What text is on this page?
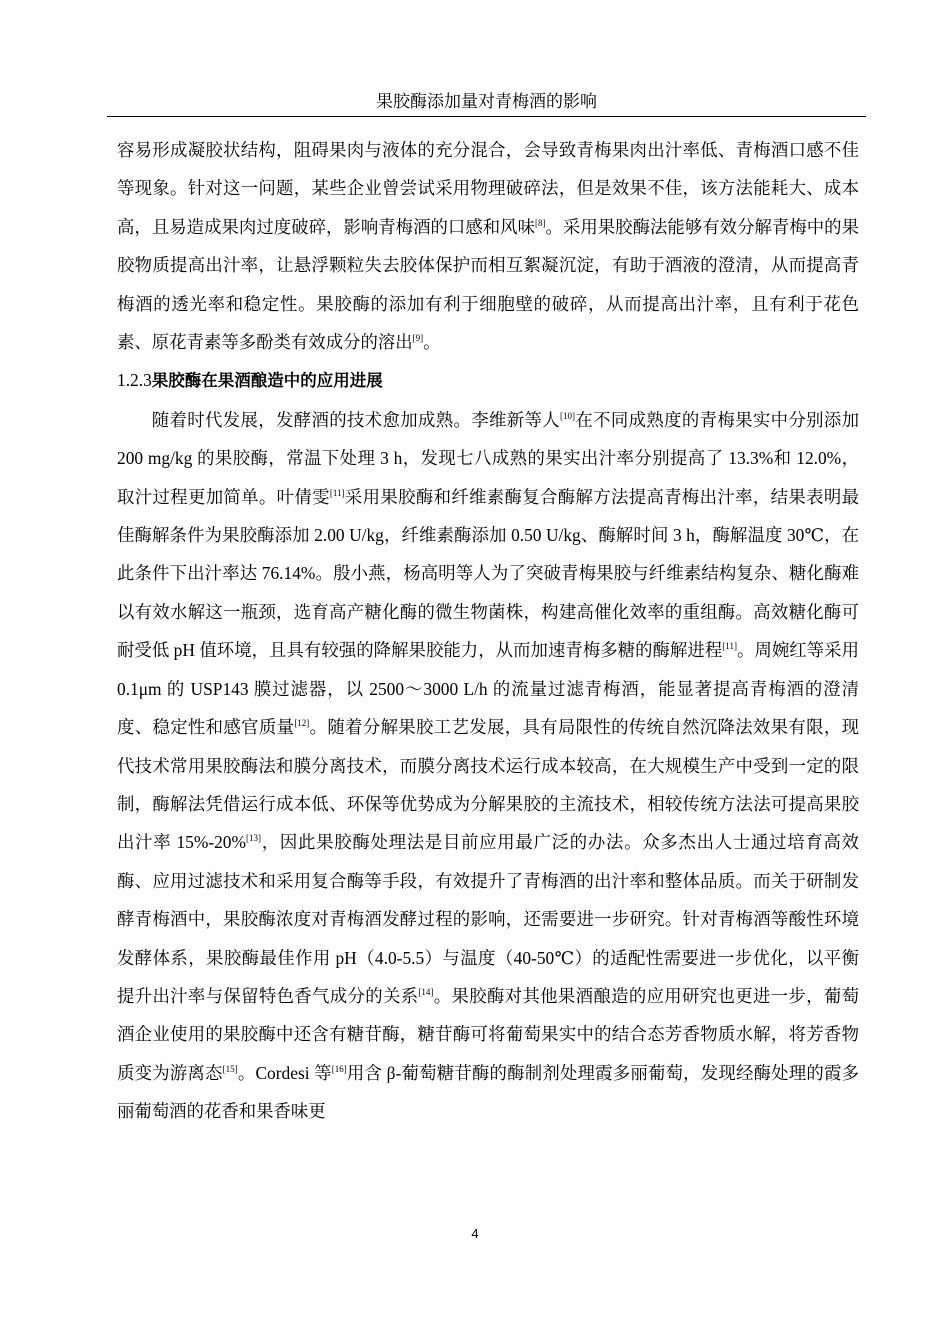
果胶酶添加量对青梅酒的影响

容易形成凝胶状结构，阻碍果肉与液体的充分混合，会导致青梅果肉出汁率低、青梅酒口感不佳等现象。针对这一问题，某些企业曾尝试采用物理破碎法，但是效果不佳，该方法能耗大、成本高，且易造成果肉过度破碎，影响青梅酒的口感和风味[8]。采用果胶酶法能够有效分解青梅中的果胶物质提高出汁率，让悬浮颗粒失去胶体保护而相互絮凝沉淀，有助于酒液的澄清，从而提高青梅酒的透光率和稳定性。果胶酶的添加有利于细胞壁的破碎，从而提高出汁率，且有利于花色素、原花青素等多酚类有效成分的溶出[9]。

1.2.3果胶酶在果酒酿造中的应用进展

随着时代发展，发酵酒的技术愈加成熟。李维新等人[10]在不同成熟度的青梅果实中分别添加 200 mg/kg 的果胶酶，常温下处理 3 h，发现七八成熟的果实出汁率分别提高了 13.3%和 12.0%，取汁过程更加简单。叶倩雯[11]采用果胶酶和纤维素酶复合酶解方法提高青梅出汁率，结果表明最佳酶解条件为果胶酶添加 2.00 U/kg，纤维素酶添加 0.50 U/kg、酶解时间 3 h，酶解温度 30℃，在此条件下出汁率达 76.14%。殷小燕，杨高明等人为了突破青梅果胶与纤维素结构复杂、糖化酶难以有效水解这一瓶颈，选育高产糖化酶的微生物菌株，构建高催化效率的重组酶。高效糖化酶可耐受低 pH 值环境，且具有较强的降解果胶能力，从而加速青梅多糖的酶解进程[11]。周婉红等采用 0.1μm 的 USP143 膜过滤器，以 2500～3000 L/h 的流量过滤青梅酒，能显著提高青梅酒的澄清度、稳定性和感官质量[12]。随着分解果胶工艺发展，具有局限性的传统自然沉降法效果有限，现代技术常用果胶酶法和膜分离技术，而膜分离技术运行成本较高，在大规模生产中受到一定的限制，酶解法凭借运行成本低、环保等优势成为分解果胶的主流技术，相较传统方法法可提高果胶出汁率 15%-20%[13]，因此果胶酶处理法是目前应用最广泛的办法。众多杰出人士通过培育高效酶、应用过滤技术和采用复合酶等手段，有效提升了青梅酒的出汁率和整体品质。而关于研制发酵青梅酒中，果胶酶浓度对青梅酒发酵过程的影响，还需要进一步研究。针对青梅酒等酸性环境发酵体系，果胶酶最佳作用 pH（4.0-5.5）与温度（40-50℃）的适配性需要进一步优化，以平衡提升出汁率与保留特色香气成分的关系[14]。果胶酶对其他果酒酿造的应用研究也更进一步，葡萄酒企业使用的果胶酶中还含有糖苷酶，糖苷酶可将葡萄果实中的结合态芳香物质水解，将芳香物质变为游离态[15]。Cordesi 等[16]用含 β-葡萄糖苷酶的酶制剂处理霞多丽葡萄，发现经酶处理的霞多丽葡萄酒的花香和果香味更

4
